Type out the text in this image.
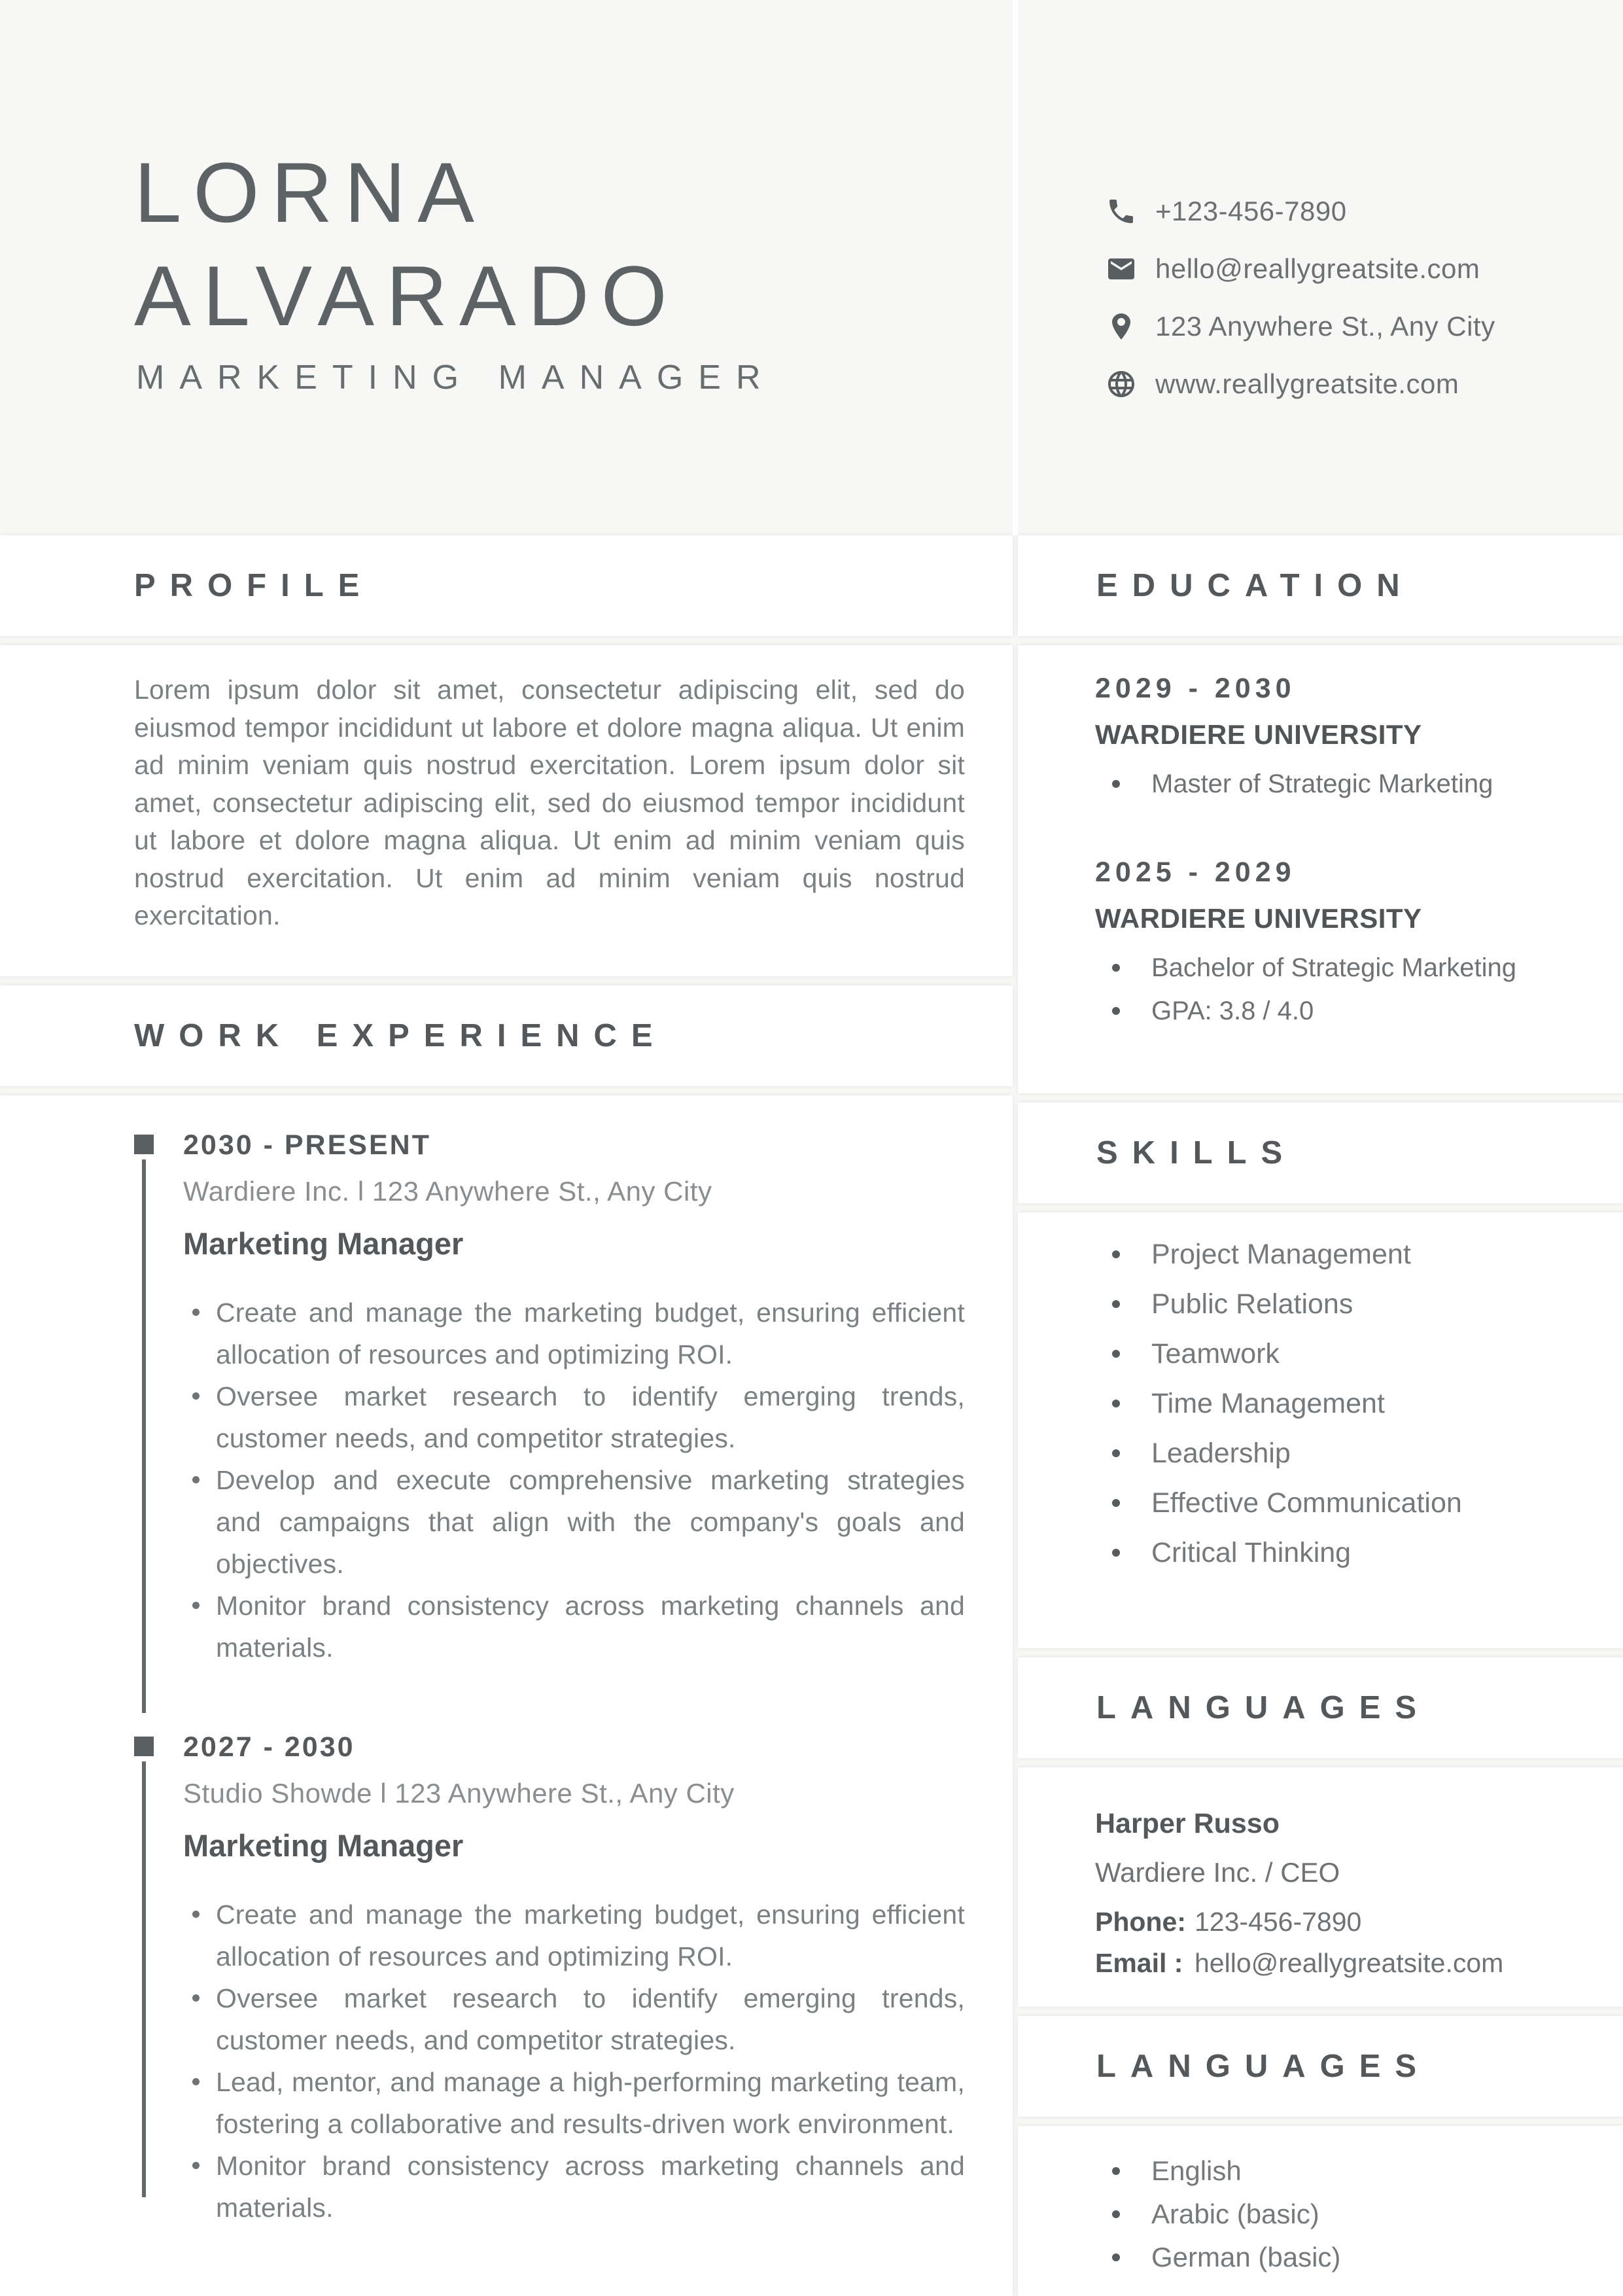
LORNA
ALVARADO
MARKETING MANAGER
PROFILE

Lorem ipsum dolor sit amet, consectetur adipiscing elit, sed do eiusmod tempor incididunt ut labore et dolore magna aliqua. Ut enim ad minim veniam quis nostrud exercitation. Lorem ipsum dolor sit amet, consectetur adipiscing elit, sed do eiusmod tempor incididunt ut labore et dolore magna aliqua. Ut enim ad minim veniam quis nostrud exercitation. Ut enim ad minim veniam quis nostrud exercitation.

WORK EXPERIENCE
2030 - PRESENT
Wardiere Inc. l 123 Anywhere St., Any City
Marketing Manager
Create and manage the marketing budget, ensuring efficient allocation of resources and optimizing ROI.
Oversee market research to identify emerging trends, customer needs, and competitor strategies.
Develop and execute comprehensive marketing strategies and campaigns that align with the company's goals and objectives.
Monitor brand consistency across marketing channels and materials.
2027 - 2030
Studio Showde l 123 Anywhere St., Any City
Marketing Manager
Create and manage the marketing budget, ensuring efficient allocation of resources and optimizing ROI.
Oversee market research to identify emerging trends, customer needs, and competitor strategies.
Lead, mentor, and manage a high-performing marketing team, fostering a collaborative and results-driven work environment.
Monitor brand consistency across marketing channels and materials.
+123-456-7890
hello@reallygreatsite.com
123 Anywhere St., Any City
www.reallygreatsite.com
EDUCATION
2029 - 2030
WARDIERE UNIVERSITY
Master of Strategic Marketing
2025 - 2029
WARDIERE UNIVERSITY
Bachelor of Strategic Marketing
GPA: 3.8 / 4.0
SKILLS
Project Management
Public Relations
Teamwork
Time Management
Leadership
Effective Communication
Critical Thinking
LANGUAGES
Harper Russo
Wardiere Inc. / CEO
Phone: 123-456-7890
Email : hello@reallygreatsite.com
LANGUAGES
English
Arabic (basic)
German (basic)
